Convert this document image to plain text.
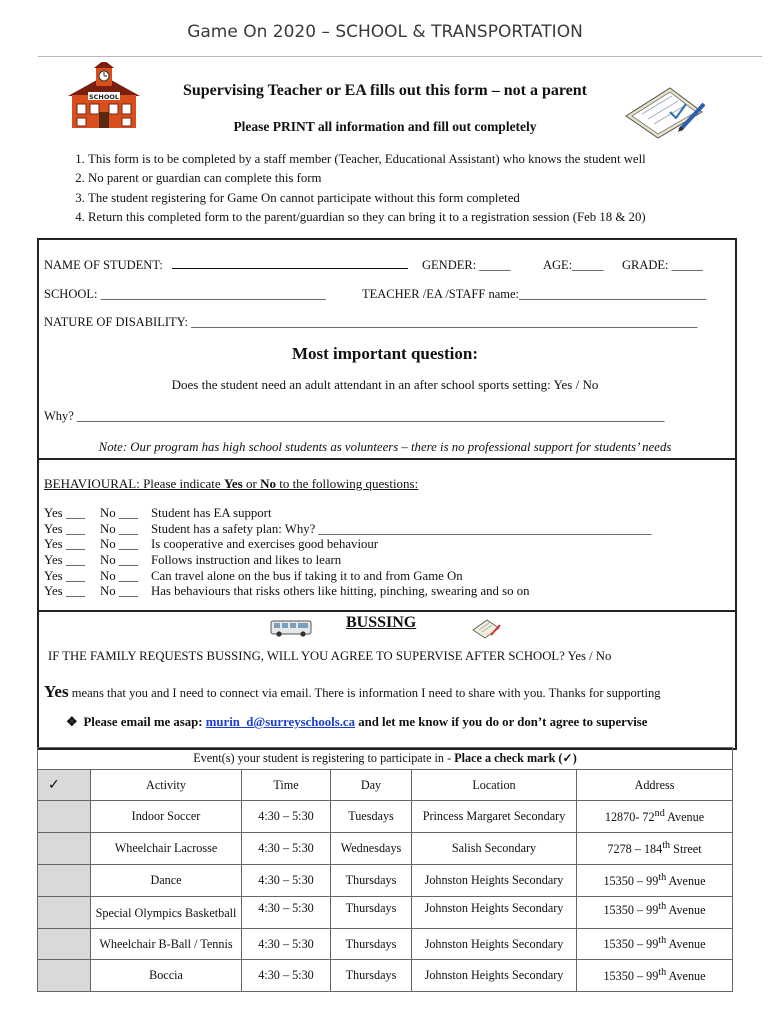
Game On 2020 – SCHOOL & TRANSPORTATION
SCHOOL	Supervising Teacher or EA fills out this form – not a parent
Please PRINT all information and fill out completely
1. This form is to be completed by a staff member (Teacher, Educational Assistant) who knows the student well
2. No parent or guardian can complete this form
3. The student registering for Game On cannot participate without this form completed
4. Return this completed form to the parent/guardian so they can bring it to a registration session (Feb 18 & 20)
NAME OF STUDENT:	GENDER: _____	AGE:_____ GRADE: _____
SCHOOL: ____________________________________	TEACHER /EA /STAFF name:______________________________
NATURE OF DISABILITY: _________________________________________________________________________________
Most important question:
Does the student need an adult attendant in an after school sports setting: Yes / No
Why? ______________________________________________________________________________________________
Note: Our program has high school students as volunteers – there is no professional support for students’ needs
BEHAVIOURAL: Please indicate Yes or No to the following questions:
Yes ___ No ___ Student has EA support
Yes ___ No ___ Student has a safety plan: Why? ____________________________________________________
Yes ___ No ___ Is cooperative and exercises good behaviour
Yes ___ No ___ Follows instruction and likes to learn
Yes ___ No ___ Can travel alone on the bus if taking it to and from Game On
Yes ___ No ___ Has behaviours that risks others like hitting, pinching, swearing and so on
BUSSING
IF THE FAMILY REQUESTS BUSSING, WILL YOU AGREE TO SUPERVISE AFTER SCHOOL? Yes / No
Yes means that you and I need to connect via email. There is information I need to share with you. Thanks for supporting
❖ Please email me asap: murin_d@surreyschools.ca and let me know if you do or don’t agree to supervise
Event(s) your student is registering to participate in - Place a check mark (✓)					
✓	Activity	Time	Day	Location	Address
	Indoor Soccer	4:30 – 5:30	Tuesdays	Princess Margaret Secondary	12870- 72nd Avenue
	Wheelchair Lacrosse	4:30 – 5:30	Wednesdays	Salish Secondary	7278 – 184th Street
	Dance	4:30 – 5:30	Thursdays	Johnston Heights Secondary	15350 – 99th Avenue
	Special Olympics Basketball	4:30 – 5:30	Thursdays	Johnston Heights Secondary	15350 – 99th Avenue
	Wheelchair B-Ball / Tennis	4:30 – 5:30	Thursdays	Johnston Heights Secondary	15350 – 99th Avenue
	Boccia	4:30 – 5:30	Thursdays	Johnston Heights Secondary	15350 – 99th Avenue
